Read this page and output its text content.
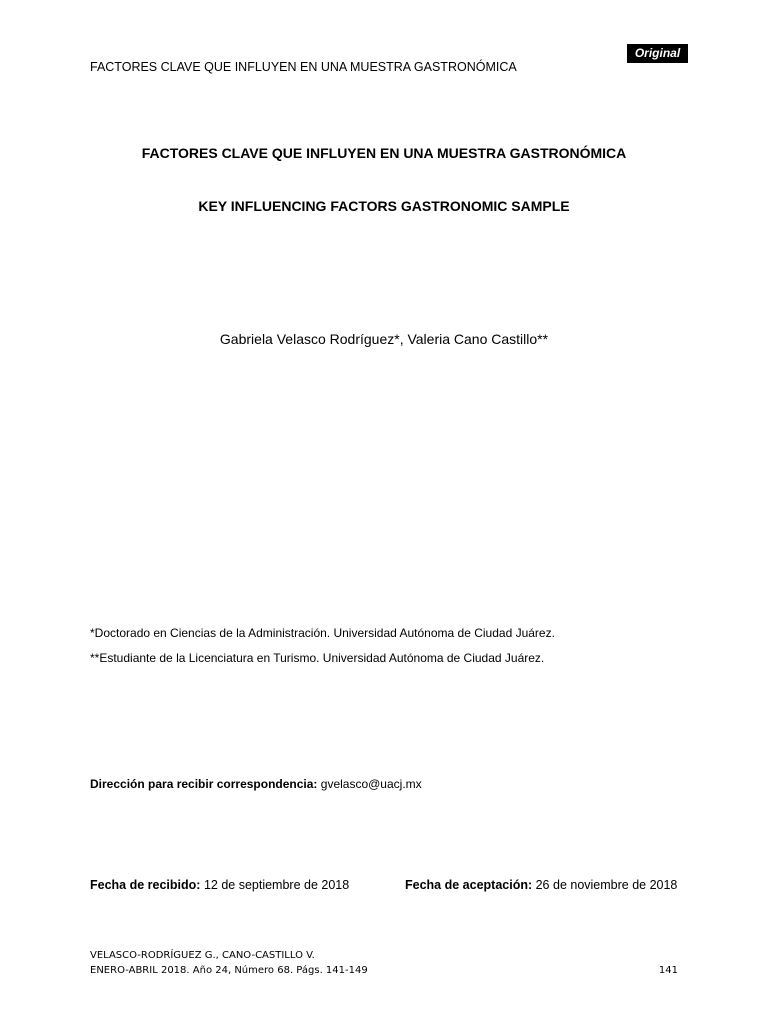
Original
FACTORES CLAVE QUE INFLUYEN EN UNA MUESTRA GASTRONÓMICA
FACTORES CLAVE QUE INFLUYEN EN UNA MUESTRA GASTRONÓMICA
KEY INFLUENCING FACTORS GASTRONOMIC SAMPLE
Gabriela Velasco Rodríguez*, Valeria Cano Castillo**
*Doctorado en Ciencias de la Administración. Universidad Autónoma de Ciudad Juárez.
**Estudiante de la Licenciatura en Turismo. Universidad Autónoma de Ciudad Juárez.
Dirección para recibir correspondencia: gvelasco@uacj.mx
Fecha de recibido: 12 de septiembre de 2018	Fecha de aceptación: 26 de noviembre de 2018
VELASCO-RODRÍGUEZ G., CANO-CASTILLO V.
ENERO-ABRIL 2018. Año 24, Número 68. Págs. 141-149	141
